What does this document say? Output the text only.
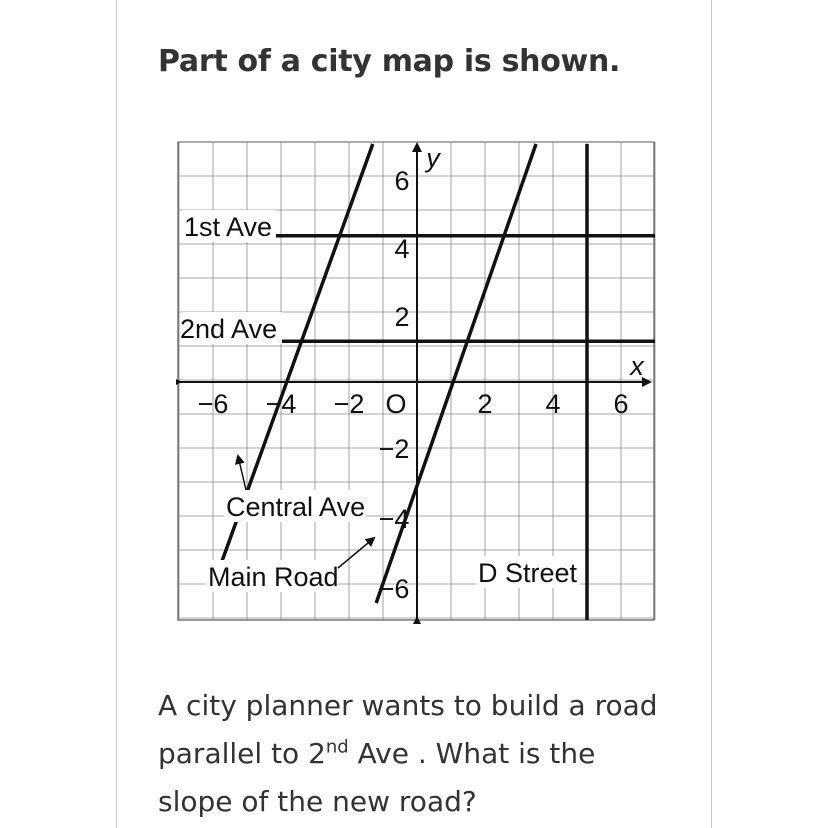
Part of a city map is shown.
−6 −4 −2	2 4 6
6
4
2
−2
−4
−6
O
x
y
1st Ave
2nd Ave
Central Ave
Main Road	D Street

A city planner wants to build a road parallel to 2nd Ave . What is the slope of the new road?
